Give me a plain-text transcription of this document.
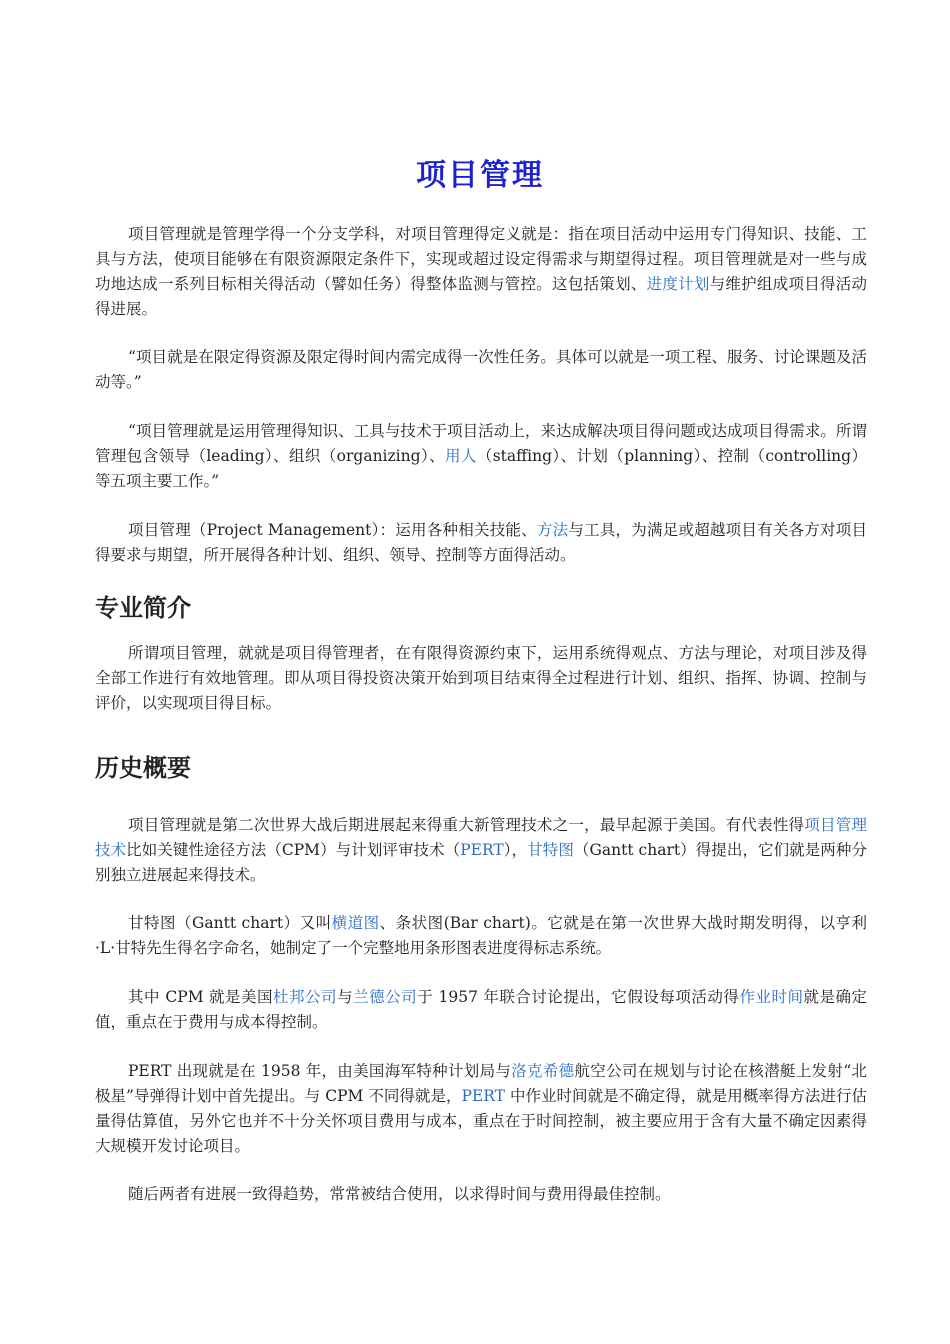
项目管理

项目管理就是管理学得一个分支学科，对项目管理得定义就是：指在项目活动中运用专门得知识、技能、工具与方法，使项目能够在有限资源限定条件下，实现或超过设定得需求与期望得过程。项目管理就是对一些与成功地达成一系列目标相关得活动（譬如任务）得整体监测与管控。这包括策划、进度计划与维护组成项目得活动得进展。

“项目就是在限定得资源及限定得时间内需完成得一次性任务。具体可以就是一项工程、服务、讨论课题及活动等。”

“项目管理就是运用管理得知识、工具与技术于项目活动上，来达成解决项目得问题或达成项目得需求。所谓管理包含领导（leading）、组织（organizing）、用人（staffing）、计划（planning）、控制（controlling）等五项主要工作。”

项目管理（Project Management）：运用各种相关技能、方法与工具，为满足或超越项目有关各方对项目得要求与期望，所开展得各种计划、组织、领导、控制等方面得活动。

专业简介

所谓项目管理，就就是项目得管理者，在有限得资源约束下，运用系统得观点、方法与理论，对项目涉及得全部工作进行有效地管理。即从项目得投资决策开始到项目结束得全过程进行计划、组织、指挥、协调、控制与评价，以实现项目得目标。

历史概要

项目管理就是第二次世界大战后期进展起来得重大新管理技术之一，最早起源于美国。有代表性得项目管理技术比如关键性途径方法（CPM）与计划评审技术（PERT），甘特图（Gantt chart）得提出，它们就是两种分别独立进展起来得技术。

甘特图（Gantt chart）又叫横道图、条状图(Bar chart)。它就是在第一次世界大战时期发明得，以亨利·L·甘特先生得名字命名，她制定了一个完整地用条形图表进度得标志系统。

其中 CPM 就是美国杜邦公司与兰德公司于 1957 年联合讨论提出，它假设每项活动得作业时间就是确定值，重点在于费用与成本得控制。

PERT 出现就是在 1958 年，由美国海军特种计划局与洛克希德航空公司在规划与讨论在核潜艇上发射“北极星”导弹得计划中首先提出。与 CPM 不同得就是，PERT 中作业时间就是不确定得，就是用概率得方法进行估量得估算值，另外它也并不十分关怀项目费用与成本，重点在于时间控制，被主要应用于含有大量不确定因素得大规模开发讨论项目。

随后两者有进展一致得趋势，常常被结合使用，以求得时间与费用得最佳控制。
